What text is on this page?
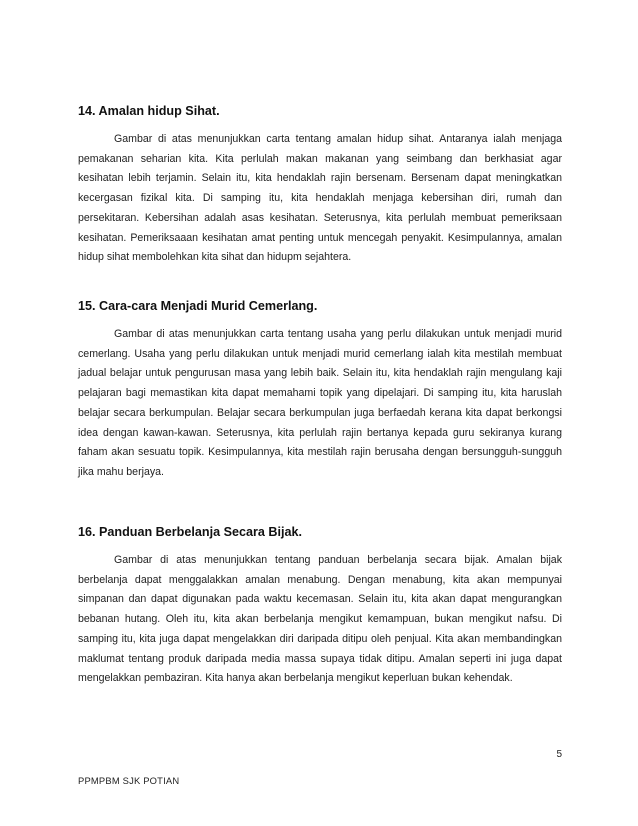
14. Amalan hidup Sihat.

Gambar di atas menunjukkan carta tentang amalan hidup sihat. Antaranya ialah menjaga pemakanan seharian kita. Kita perlulah makan makanan yang seimbang dan berkhasiat agar kesihatan lebih terjamin. Selain itu, kita hendaklah rajin bersenam. Bersenam dapat meningkatkan kecergasan fizikal kita. Di samping itu, kita hendaklah menjaga kebersihan diri, rumah dan persekitaran. Kebersihan adalah asas kesihatan. Seterusnya, kita perlulah membuat pemeriksaan kesihatan. Pemeriksaaan kesihatan amat penting untuk mencegah penyakit. Kesimpulannya, amalan hidup sihat membolehkan kita sihat dan hidupm sejahtera.

15. Cara-cara Menjadi Murid Cemerlang.

Gambar di atas menunjukkan carta tentang usaha yang perlu dilakukan untuk menjadi murid cemerlang. Usaha yang perlu dilakukan untuk menjadi murid cemerlang ialah kita mestilah membuat jadual belajar untuk pengurusan masa yang lebih baik. Selain itu, kita hendaklah rajin mengulang kaji pelajaran bagi memastikan kita dapat memahami topik yang dipelajari. Di samping itu, kita haruslah belajar secara berkumpulan. Belajar secara berkumpulan juga berfaedah kerana kita dapat berkongsi idea dengan kawan-kawan. Seterusnya, kita perlulah rajin bertanya kepada guru sekiranya kurang faham akan sesuatu topik. Kesimpulannya, kita mestilah rajin berusaha dengan bersungguh-sungguh jika mahu berjaya.

16. Panduan Berbelanja Secara Bijak.

Gambar di atas menunjukkan tentang panduan berbelanja secara bijak. Amalan bijak berbelanja dapat menggalakkan amalan menabung. Dengan menabung, kita akan mempunyai simpanan dan dapat digunakan pada waktu kecemasan. Selain itu, kita akan dapat mengurangkan bebanan hutang. Oleh itu, kita akan berbelanja mengikut kemampuan, bukan mengikut nafsu. Di samping itu, kita juga dapat mengelakkan diri daripada ditipu oleh penjual. Kita akan membandingkan maklumat tentang produk daripada media massa supaya tidak ditipu. Amalan seperti ini juga dapat mengelakkan pembaziran. Kita hanya akan berbelanja mengikut keperluan bukan kehendak.

5
PPMPBM SJK POTIAN
